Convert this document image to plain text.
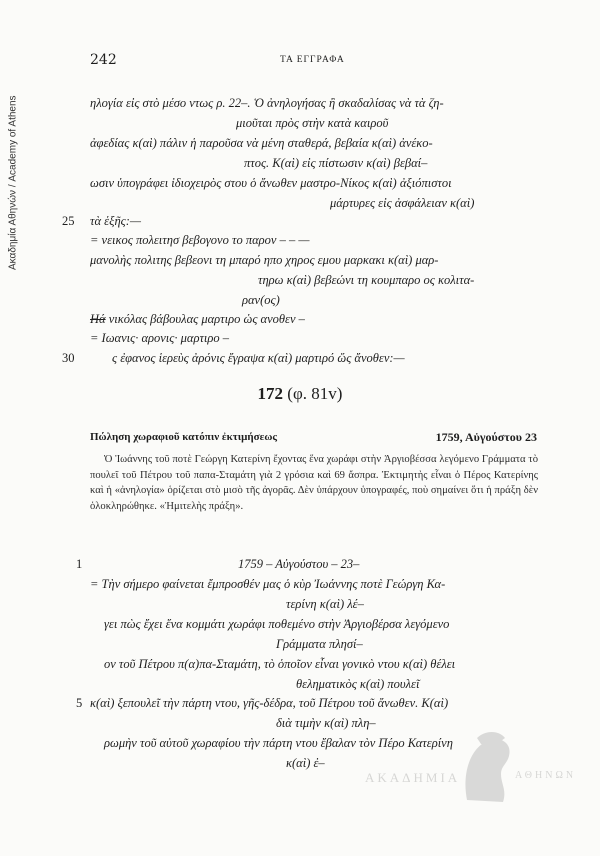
Ακαδημία Αθηνών / Academy of Athens
242	ΤΑ ΕΓΓΡΑΦΑ
ηλογία εἰς στὸ μέσο ντως ρ. 22–. Ὁ ἀνηλογήσας ἢ σκαδαλίσας νὰ τὰ ζη-
μιοῦται πρὸς στὴν κατὰ καιροῦ
ἀφεδίας κ(αὶ) πάλιν ἡ παροῦσα νὰ μένη σταθερά, βεβαία κ(αὶ) ἀνέκο-
πτος. Κ(αὶ) εἰς πίστωσιν κ(αὶ) βεβαί–
ωσιν ὑπογράφει ἰδιοχειρὸς στου ὁ ἄνωθεν μαστρο-Νίκος κ(αὶ) ἀξιόπιστοι
μάρτυρες εἰς ἀσφάλειαν κ(αὶ)
25 τὰ ἑξῆς:—
= νεικος πολειτησ βεβογονο το παρον – – —
μανολὴς πολιτης βεβεονι τη μπαρό ηπο χηρος εμου μαρκακι κ(αὶ) μαρ-
τηρω κ(αὶ) βεβεώνι τη κουμπαρο ος κολιτα-
ραν(ος)
Ηά νικόλας βάβουλας μαρτιρο ὡς ανοθεν –
= Ιωανις· αρονις· μαρτιρο –
30	ς ἐφανος ἱερεὺς ἀρόνις ἔγραψα κ(αὶ) μαρτιρό ὥς ἄνοθεν:—
172 (φ. 81v)
Πώληση χωραφιοῦ κατόπιν ἐκτιμήσεως	1759, Αὐγούστου 23
Ὁ Ἰωάννης τοῦ ποτὲ Γεώργη Κατερίνη ἔχοντας ἕνα χωράφι στὴν Ἀργιοβέσσα λεγόμενο Γράμματα τὸ πουλεῖ τοῦ Πέτρου τοῦ παπα-Σταμάτη γιὰ 2 γρόσια καὶ 69 ἄσπρα. Ἐκτιμητὴς εἶναι ὁ Πέρος Κατερίνης καὶ ἡ «ἀνηλογία» ὁρίζεται στὸ μισὸ τῆς ἀγορᾶς. Δὲν ὑπάρχουν ὑπογραφές, ποὺ σημαίνει ὅτι ἡ πράξη δὲν ὁλοκληρώθηκε. «Ἡμιτελὴς πράξη».
1	1759 – Αὐγούστου – 23–
= Τὴν σήμερο φαίνεται ἔμπροσθέν μας ὁ κὺρ Ἰωάννης ποτὲ Γεώργη Κα-
τερίνη κ(αὶ) λέ–
γει πὼς ἔχει ἕνα κομμάτι χωράφι ποθεμένο στὴν Ἀργιοβέρσα λεγόμενο
Γράμματα πλησί–
ον τοῦ Πέτρου π(α)πα-Σταμάτη, τὸ ὁποῖον εἶναι γονικὸ ντου κ(αὶ) θέλει
θεληματικὸς κ(αὶ) πουλεῖ
5 κ(αὶ) ξεπουλεῖ τὴν πάρτη ντου, γῆς-δέδρα, τοῦ Πέτρου τοῦ ἄνωθεν. Κ(αὶ)
διὰ τιμὴν κ(αὶ) πλη–
ρωμὴν τοῦ αὐτοῦ χωραφίου τὴν πάρτη ντου ἔβαλαν τὸν Πέρο Κατερίνη
κ(αὶ) ἐ–
ΑΚΑΔΗΜΙΑ	ΑΘΗΝΩΝ
